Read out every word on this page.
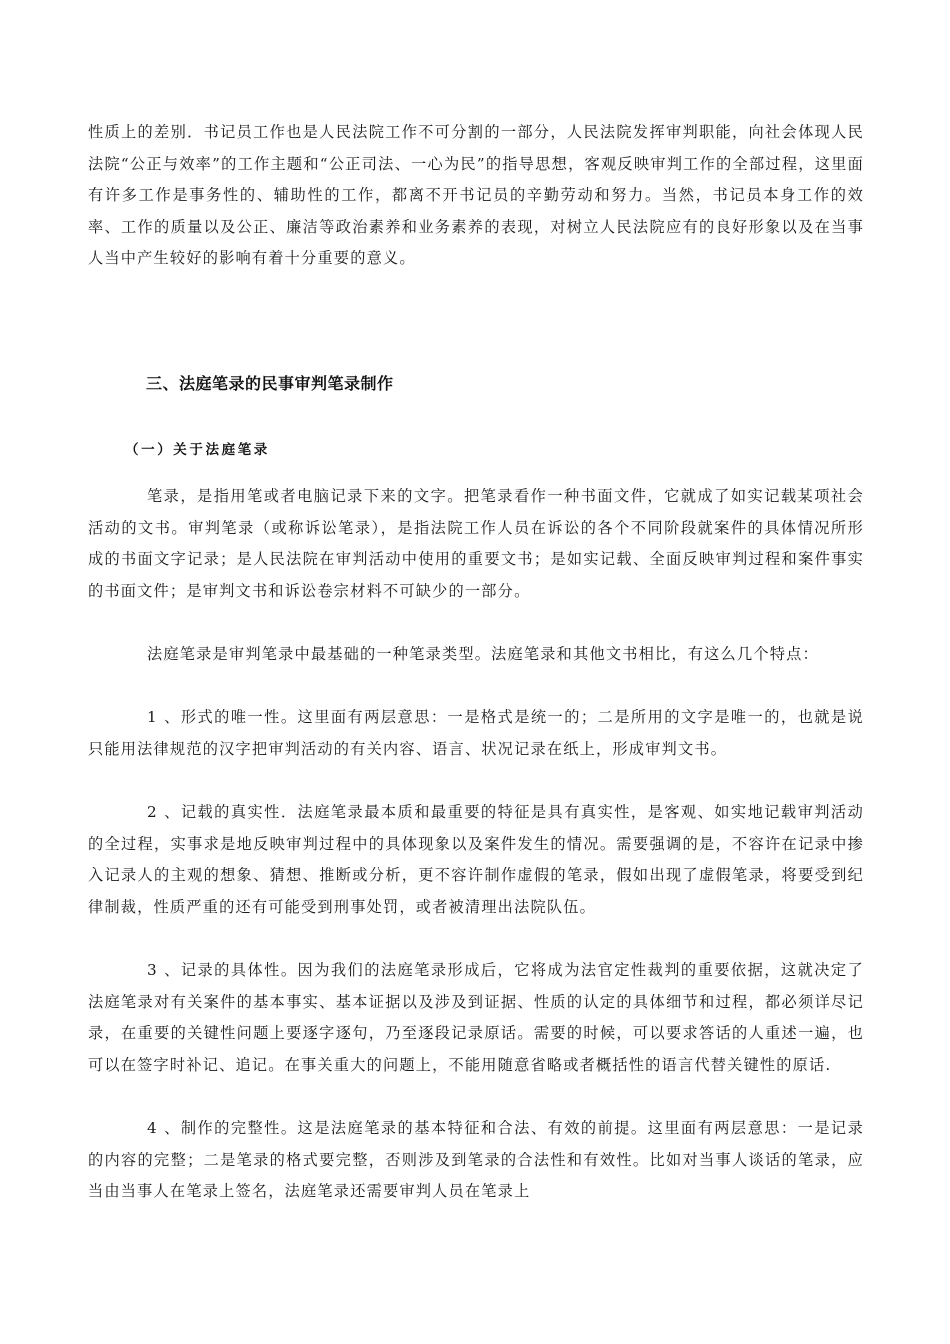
性质上的差别．书记员工作也是人民法院工作不可分割的一部分，人民法院发挥审判职能，向社会体现人民法院“公正与效率”的工作主题和“公正司法、一心为民”的指导思想，客观反映审判工作的全部过程，这里面有许多工作是事务性的、辅助性的工作，都离不开书记员的辛勤劳动和努力。当然，书记员本身工作的效率、工作的质量以及公正、廉洁等政治素养和业务素养的表现，对树立人民法院应有的良好形象以及在当事人当中产生较好的影响有着十分重要的意义。

三、法庭笔录的民事审判笔录制作
（一）关于法庭笔录

笔录，是指用笔或者电脑记录下来的文字。把笔录看作一种书面文件，它就成了如实记载某项社会活动的文书。审判笔录（或称诉讼笔录），是指法院工作人员在诉讼的各个不同阶段就案件的具体情况所形成的书面文字记录；是人民法院在审判活动中使用的重要文书；是如实记载、全面反映审判过程和案件事实的书面文件；是审判文书和诉讼卷宗材料不可缺少的一部分。

法庭笔录是审判笔录中最基础的一种笔录类型。法庭笔录和其他文书相比，有这么几个特点：

1 、形式的唯一性。这里面有两层意思：一是格式是统一的；二是所用的文字是唯一的，也就是说只能用法律规范的汉字把审判活动的有关内容、语言、状况记录在纸上，形成审判文书。

2 、记载的真实性．法庭笔录最本质和最重要的特征是具有真实性，是客观、如实地记载审判活动的全过程，实事求是地反映审判过程中的具体现象以及案件发生的情况。需要强调的是，不容许在记录中掺入记录人的主观的想象、猜想、推断或分析，更不容许制作虚假的笔录，假如出现了虚假笔录，将要受到纪律制裁，性质严重的还有可能受到刑事处罚，或者被清理出法院队伍。

3 、记录的具体性。因为我们的法庭笔录形成后，它将成为法官定性裁判的重要依据，这就决定了法庭笔录对有关案件的基本事实、基本证据以及涉及到证据、性质的认定的具体细节和过程，都必须详尽记录，在重要的关键性问题上要逐字逐句，乃至逐段记录原话。需要的时候，可以要求答话的人重述一遍，也可以在签字时补记、追记。在事关重大的问题上，不能用随意省略或者概括性的语言代替关键性的原话.

4 、制作的完整性。这是法庭笔录的基本特征和合法、有效的前提。这里面有两层意思：一是记录的内容的完整；二是笔录的格式要完整，否则涉及到笔录的合法性和有效性。比如对当事人谈话的笔录，应当由当事人在笔录上签名，法庭笔录还需要审判人员在笔录上
